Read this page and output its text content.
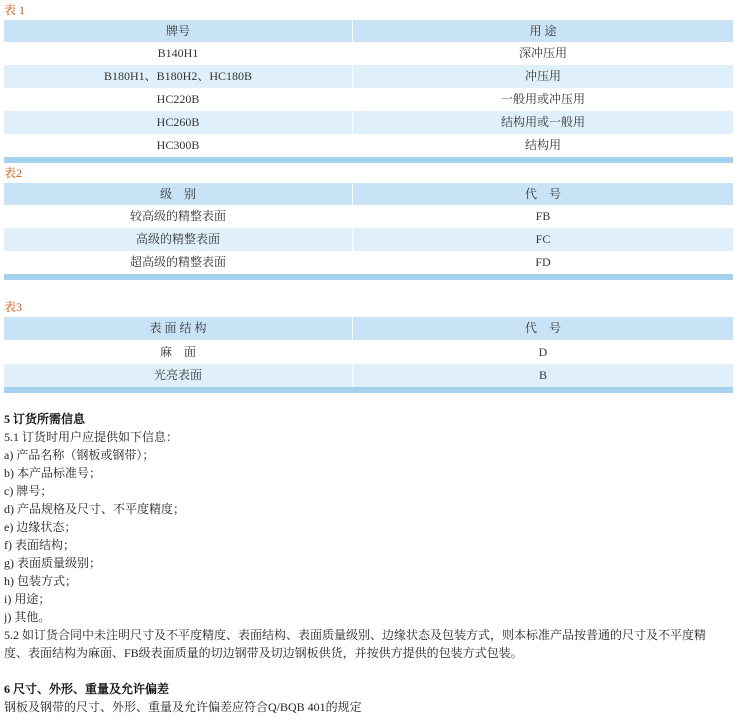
表 1
牌号	用 途
B140H1	深冲压用
B180H1、B180H2、HC180B	冲压用
HC220B	一般用或冲压用
HC260B	结构用或一般用
HC300B	结构用
表2
级　别	代　号
较高级的精整表面	FB
高级的精整表面	FC
超高级的精整表面	FD
表3
表 面 结 构	代　号
麻　面	D
光亮表面	B
5 订货所需信息
5.1 订货时用户应提供如下信息：
a) 产品名称（钢板或钢带）；
b) 本产品标准号；
c) 牌号；
d) 产品规格及尺寸、不平度精度；
e) 边缘状态；
f) 表面结构；
g) 表面质量级别；
h) 包装方式；
i) 用途；
j) 其他。
5.2 如订货合同中未注明尺寸及不平度精度、表面结构、表面质量级别、边缘状态及包装方式，则本标准产品按普通的尺寸及不平度精
度、表面结构为麻面、FB级表面质量的切边钢带及切边钢板供货，并按供方提供的包装方式包装。
6 尺寸、外形、重量及允许偏差
钢板及钢带的尺寸、外形、重量及允许偏差应符合Q/BQB 401的规定
